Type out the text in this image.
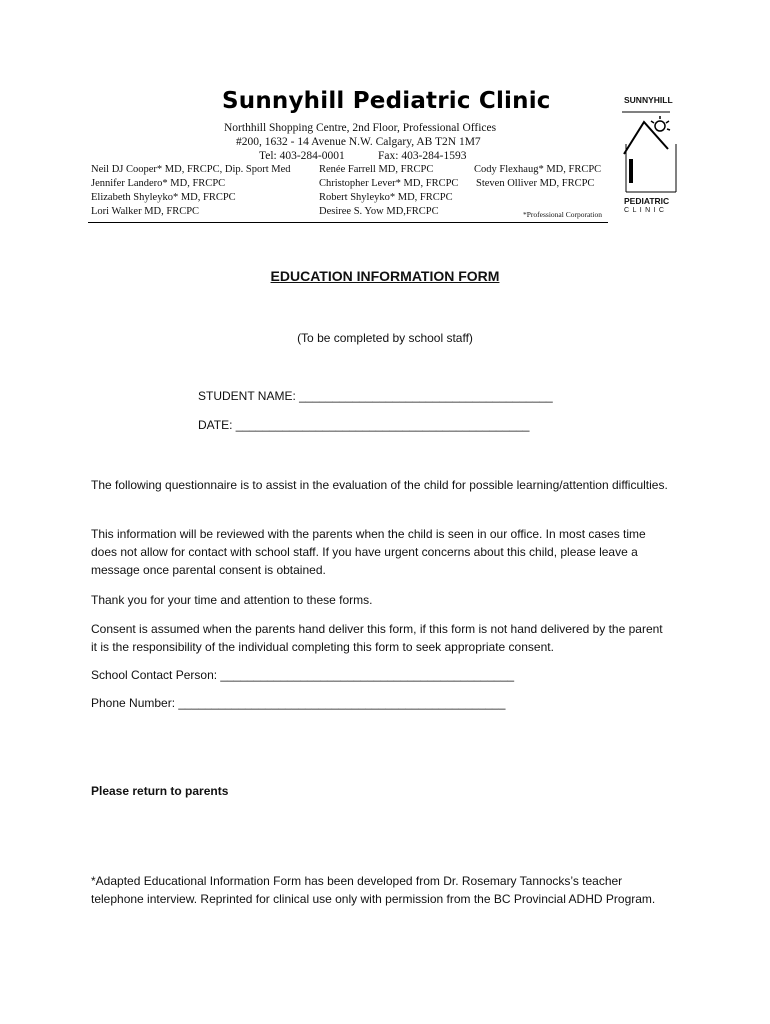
Sunnyhill Pediatric Clinic
Northhill Shopping Centre, 2nd Floor, Professional Offices
#200, 1632 - 14 Avenue N.W. Calgary, AB T2N 1M7
Tel: 403-284-0001	Fax: 403-284-1593
Neil DJ Cooper* MD, FRCPC, Dip. Sport Med
Jennifer Landero* MD, FRCPC
Elizabeth Shyleyko* MD, FRCPC
Lori Walker MD, FRCPC
Renée Farrell MD, FRCPC
Christopher Lever* MD, FRCPC
Robert Shyleyko* MD, FRCPC
Desiree S. Yow MD,FRCPC
Cody Flexhaug* MD, FRCPC
Steven Olliver MD, FRCPC
*Professional Corporation
SUNNYHILL
PEDIATRIC
CLINIC
EDUCATION INFORMATION FORM
(To be completed by school staff)
STUDENT NAME: ______________________________________
DATE: ____________________________________________
The following questionnaire is to assist in the evaluation of the child for possible learning/attention difficulties.
This information will be reviewed with the parents when the child is seen in our office. In most cases time does not allow for contact with school staff. If you have urgent concerns about this child, please leave a message once parental consent is obtained.
Thank you for your time and attention to these forms.
Consent is assumed when the parents hand deliver this form, if this form is not hand delivered by the parent it is the responsibility of the individual completing this form to seek appropriate consent.
School Contact Person: ____________________________________________
Phone Number: _________________________________________________
Please return to parents
*Adapted Educational Information Form has been developed from Dr. Rosemary Tannocks’s teacher telephone interview. Reprinted for clinical use only with permission from the BC Provincial ADHD Program.
